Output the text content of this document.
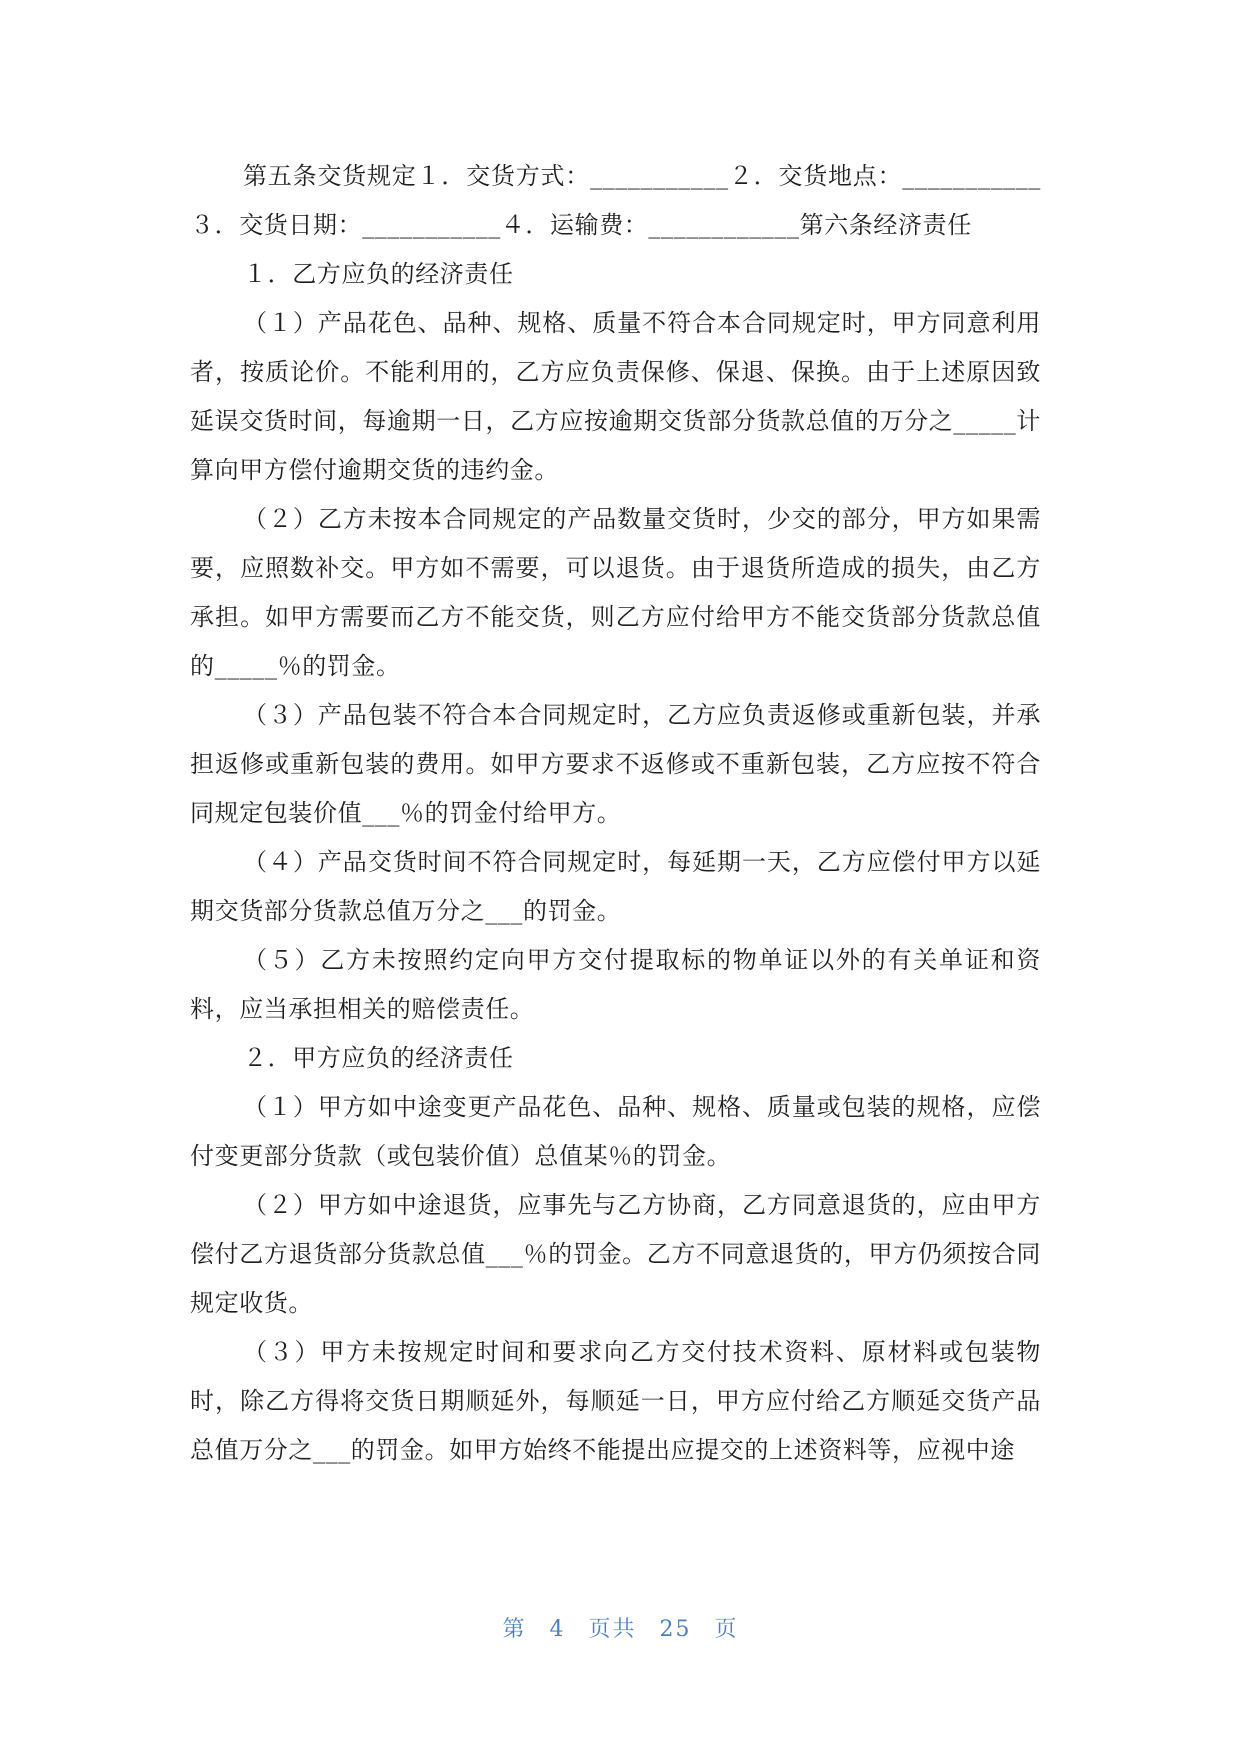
第五条交货规定１．交货方式：___________２．交货地点：___________３．交货日期：___________４．运输费：____________第六条经济责任

１．乙方应负的经济责任

（１）产品花色、品种、规格、质量不符合本合同规定时，甲方同意利用者，按质论价。不能利用的，乙方应负责保修、保退、保换。由于上述原因致延误交货时间，每逾期一日，乙方应按逾期交货部分货款总值的万分之_____计算向甲方偿付逾期交货的违约金。

（２）乙方未按本合同规定的产品数量交货时，少交的部分，甲方如果需要，应照数补交。甲方如不需要，可以退货。由于退货所造成的损失，由乙方承担。如甲方需要而乙方不能交货，则乙方应付给甲方不能交货部分货款总值的_____％的罚金。

（３）产品包装不符合本合同规定时，乙方应负责返修或重新包装，并承担返修或重新包装的费用。如甲方要求不返修或不重新包装，乙方应按不符合同规定包装价值___％的罚金付给甲方。

（４）产品交货时间不符合同规定时，每延期一天，乙方应偿付甲方以延期交货部分货款总值万分之___的罚金。

（５）乙方未按照约定向甲方交付提取标的物单证以外的有关单证和资料，应当承担相关的赔偿责任。

２．甲方应负的经济责任

（１）甲方如中途变更产品花色、品种、规格、质量或包装的规格，应偿付变更部分货款（或包装价值）总值某％的罚金。

（２）甲方如中途退货，应事先与乙方协商，乙方同意退货的，应由甲方偿付乙方退货部分货款总值___％的罚金。乙方不同意退货的，甲方仍须按合同规定收货。

（３）甲方未按规定时间和要求向乙方交付技术资料、原材料或包装物时，除乙方得将交货日期顺延外，每顺延一日，甲方应付给乙方顺延交货产品总值万分之___的罚金。如甲方始终不能提出应提交的上述资料等，应视中途

第 4 页共 25 页
